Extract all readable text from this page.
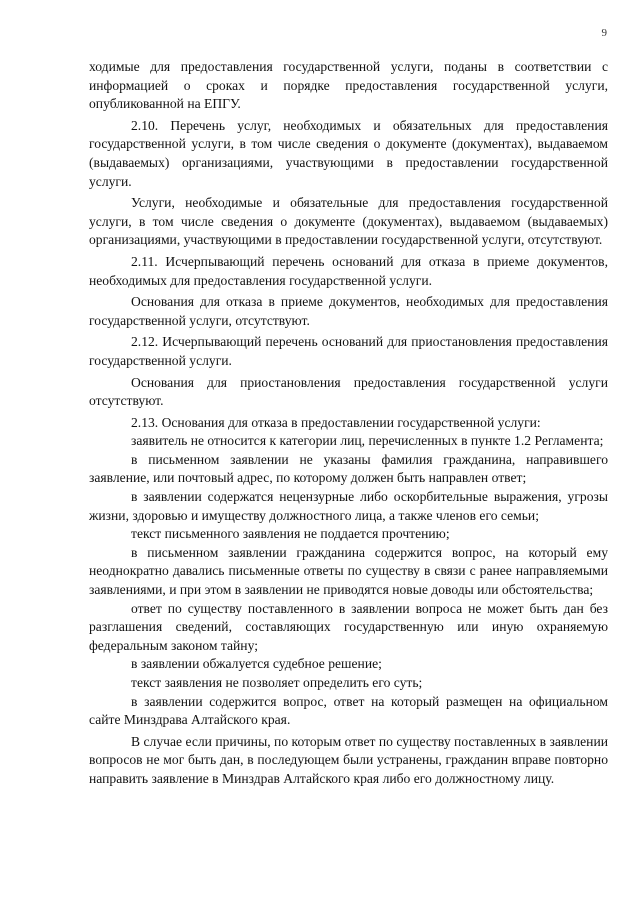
9

ходимые для предоставления государственной услуги, поданы в соответствии с информацией о сроках и порядке предоставления государственной услуги, опубликованной на ЕПГУ.

2.10. Перечень услуг, необходимых и обязательных для предоставления государственной услуги, в том числе сведения о документе (документах), выдаваемом (выдаваемых) организациями, участвующими в предоставлении государственной услуги.

Услуги, необходимые и обязательные для предоставления государственной услуги, в том числе сведения о документе (документах), выдаваемом (выдаваемых) организациями, участвующими в предоставлении государственной услуги, отсутствуют.

2.11. Исчерпывающий перечень оснований для отказа в приеме документов, необходимых для предоставления государственной услуги.

Основания для отказа в приеме документов, необходимых для предоставления государственной услуги, отсутствуют.

2.12. Исчерпывающий перечень оснований для приостановления предоставления государственной услуги.

Основания для приостановления предоставления государственной услуги отсутствуют.

2.13. Основания для отказа в предоставлении государственной услуги:

заявитель не относится к категории лиц, перечисленных в пункте 1.2 Регламента;

в письменном заявлении не указаны фамилия гражданина, направившего заявление, или почтовый адрес, по которому должен быть направлен ответ;

в заявлении содержатся нецензурные либо оскорбительные выражения, угрозы жизни, здоровью и имуществу должностного лица, а также членов его семьи;

текст письменного заявления не поддается прочтению;

в письменном заявлении гражданина содержится вопрос, на который ему неоднократно давались письменные ответы по существу в связи с ранее направляемыми заявлениями, и при этом в заявлении не приводятся новые доводы или обстоятельства;

ответ по существу поставленного в заявлении вопроса не может быть дан без разглашения сведений, составляющих государственную или иную охраняемую федеральным законом тайну;

в заявлении обжалуется судебное решение;

текст заявления не позволяет определить его суть;

в заявлении содержится вопрос, ответ на который размещен на официальном сайте Минздрава Алтайского края.

В случае если причины, по которым ответ по существу поставленных в заявлении вопросов не мог быть дан, в последующем были устранены, гражданин вправе повторно направить заявление в Минздрав Алтайского края либо его должностному лицу.
